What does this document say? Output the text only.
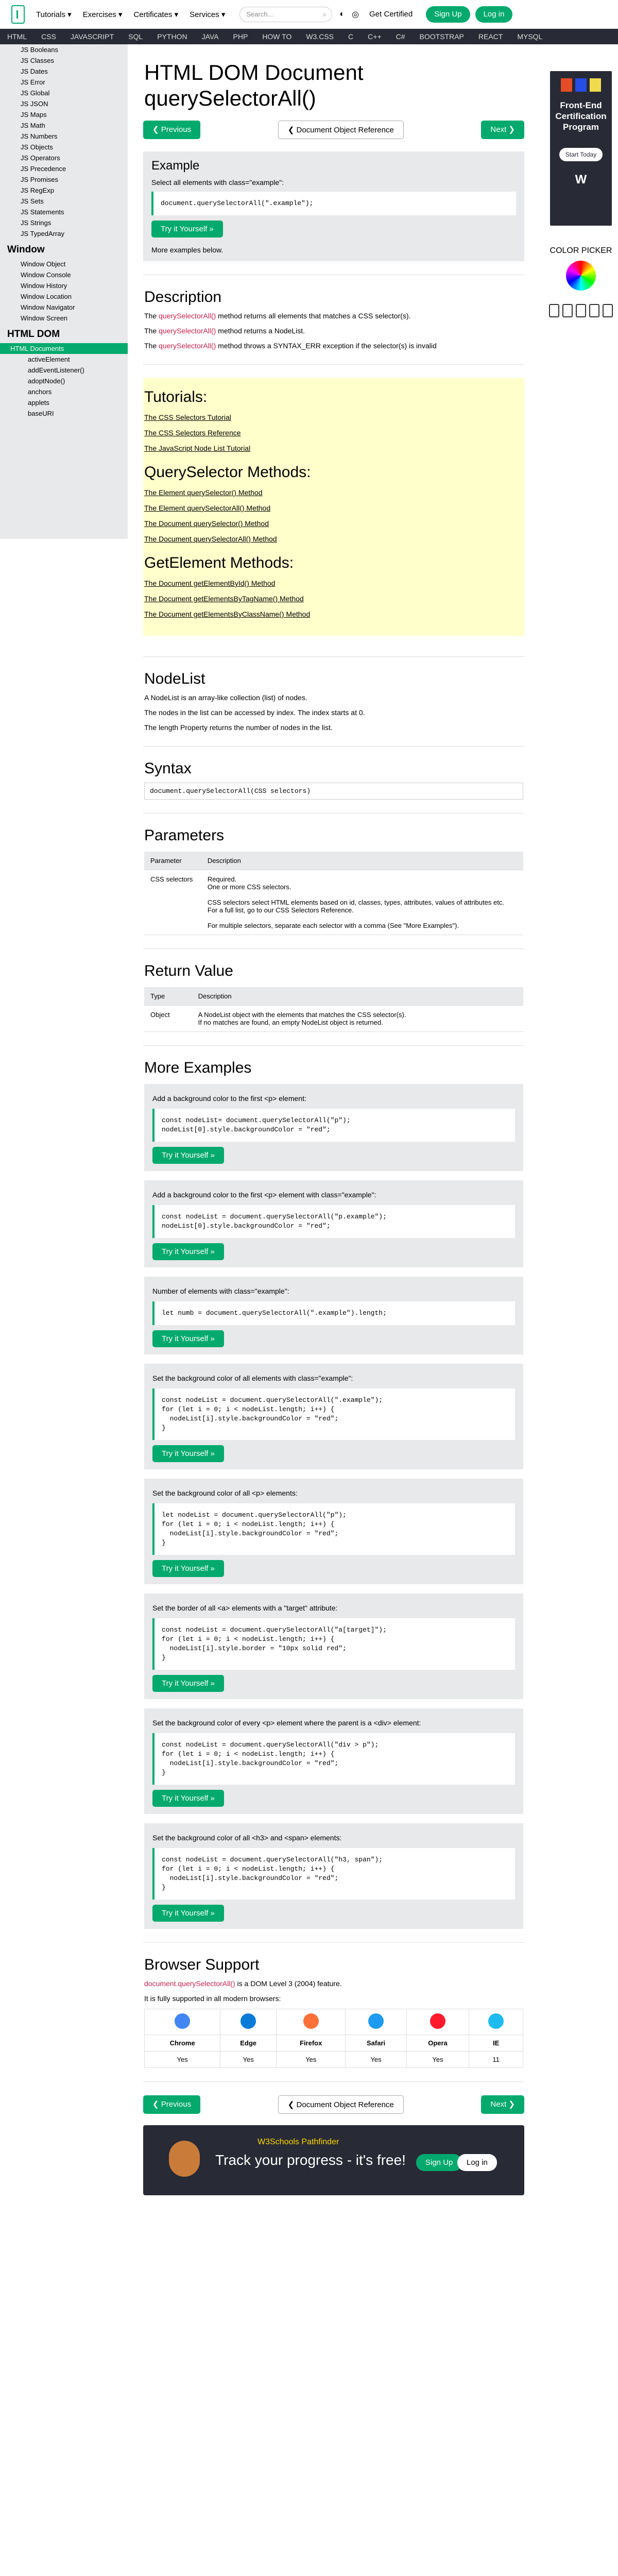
Tutorials ▾ Exercises ▾ Certificates ▾ Services ▾	Search...	⌕ ◐ ◎ Get Certified	Sign Up	Log in
HTML	CSS	JAVASCRIPT	SQL	PYTHON	JAVA	PHP	HOW TO	W3.CSS	C	C++	C#	BOOTSTRAP	REACT	MYSQL
JS Booleans
JS Classes
JS Dates
JS Error
JS Global
JS JSON
JS Maps
JS Math
JS Numbers
JS Objects
JS Operators
JS Precedence
JS Promises
JS RegExp
JS Sets
JS Statements
JS Strings
JS TypedArray
Window
Window Object
Window Console
Window History
Window Location
Window Navigator
Window Screen
HTML DOM
HTML Documents
activeElement
addEventListener()
adoptNode()
anchors
applets
baseURI
HTML DOM Document querySelectorAll()
❮ Previous	❮ Document Object Reference	Next ❯
Example

Select all elements with class="example":

document.querySelectorAll(".example");
Try it Yourself »

More examples below.

Description

The querySelectorAll() method returns all elements that matches a CSS selector(s).

The querySelectorAll() method returns a NodeList.

The querySelectorAll() method throws a SYNTAX_ERR exception if the selector(s) is invalid

Tutorials:
The CSS Selectors Tutorial
The CSS Selectors Reference
The JavaScript Node List Tutorial
QuerySelector Methods:
The Element querySelector() Method
The Element querySelectorAll() Method
The Document querySelector() Method
The Document querySelectorAll() Method
GetElement Methods:
The Document getElementById() Method
The Document getElementsByTagName() Method
The Document getElementsByClassName() Method
NodeList

A NodeList is an array-like collection (list) of nodes.

The nodes in the list can be accessed by index. The index starts at 0.

The length Property returns the number of nodes in the list.

Syntax
document.querySelectorAll(CSS selectors)
Parameters
Parameter	Description
CSS selectors	Required.
One or more CSS selectors.

CSS selectors select HTML elements based on id, classes, types, attributes, values of attributes etc.
For a full list, go to our CSS Selectors Reference.

For multiple selectors, separate each selector with a comma (See "More Examples").
Return Value
Type	Description
Object	A NodeList object with the elements that matches the CSS selector(s).
If no matches are found, an empty NodeList object is returned.
More Examples
Add a background color to the first <p> element:
const nodeList= document.querySelectorAll("p");
nodeList[0].style.backgroundColor = "red";
Try it Yourself »
Add a background color to the first <p> element with class="example":
const nodeList = document.querySelectorAll("p.example");
nodeList[0].style.backgroundColor = "red";
Try it Yourself »
Number of elements with class="example":
let numb = document.querySelectorAll(".example").length;
Try it Yourself »
Set the background color of all elements with class="example":
const nodeList = document.querySelectorAll(".example");
for (let i = 0; i < nodeList.length; i++) {
nodeList[i].style.backgroundColor = "red";
}
Try it Yourself »
Set the background color of all <p> elements:
let nodeList = document.querySelectorAll("p");
for (let i = 0; i < nodeList.length; i++) {
nodeList[i].style.backgroundColor = "red";
}
Try it Yourself »
Set the border of all <a> elements with a "target" attribute:
const nodeList = document.querySelectorAll("a[target]");
for (let i = 0; i < nodeList.length; i++) {
nodeList[i].style.border = "10px solid red";
}
Try it Yourself »
Set the background color of every <p> element where the parent is a <div> element:
const nodeList = document.querySelectorAll("div > p");
for (let i = 0; i < nodeList.length; i++) {
nodeList[i].style.backgroundColor = "red";
}
Try it Yourself »
Set the background color of all <h3> and <span> elements:
const nodeList = document.querySelectorAll("h3, span");
for (let i = 0; i < nodeList.length; i++) {
nodeList[i].style.backgroundColor = "red";
}
Try it Yourself »
Browser Support

document.querySelectorAll() is a DOM Level 3 (2004) feature.

It is fully supported in all modern browsers:

Chrome	Edge	Firefox	Safari	Opera	IE
Yes	Yes	Yes	Yes	Yes	11
❮ Previous	❮ Document Object Reference	Next ❯
W3Schools Pathfinder
Track your progress - it's free!	Sign Up	Log in
Front-End Certification Program
Start Today
W
COLOR PICKER
